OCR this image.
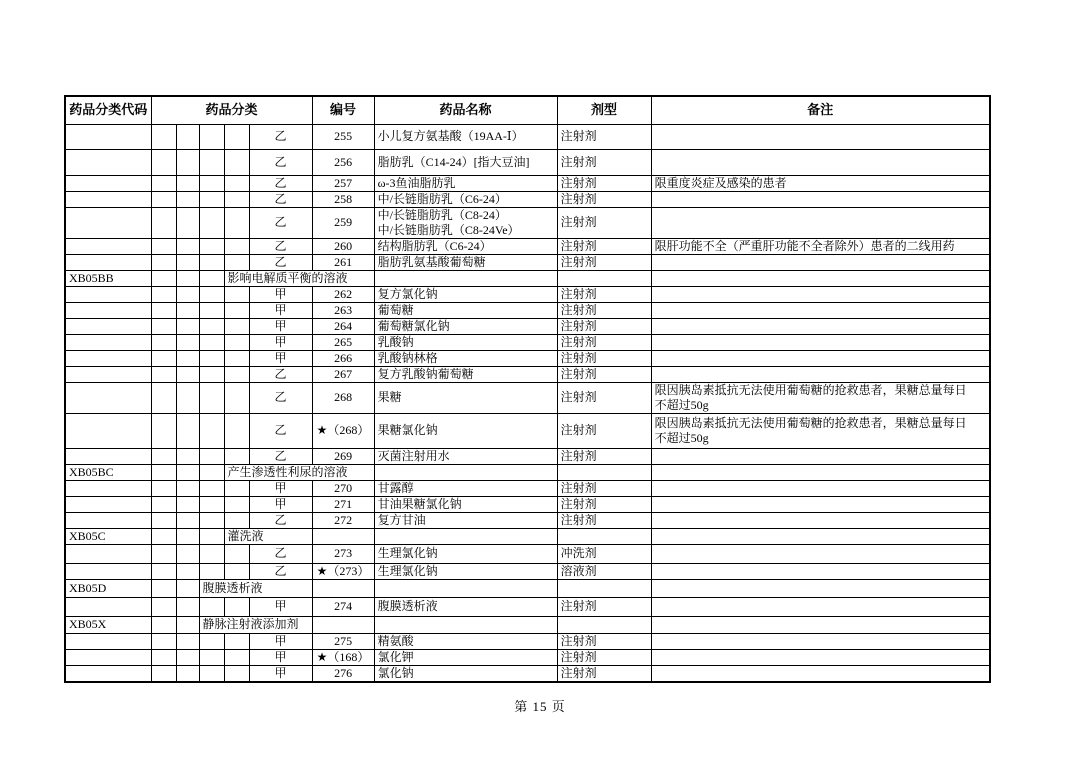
药品分类代码	药品分类					编号	药品名称	剂型	备注
					乙	255	小儿复方氨基酸（19AA-Ⅰ）	注射剂	
					乙	256	脂肪乳（C14-24）[指大豆油]	注射剂	
					乙	257	ω-3鱼油脂肪乳	注射剂	限重度炎症及感染的患者
					乙	258	中/长链脂肪乳（C6-24）	注射剂	
					乙	259	中/长链脂肪乳（C8-24）
中/长链脂肪乳（C8-24Ve）	注射剂	
					乙	260	结构脂肪乳（C6-24）	注射剂	限肝功能不全（严重肝功能不全者除外）患者的二线用药
					乙	261	脂肪乳氨基酸葡萄糖	注射剂	
XB05BB				影响电解质平衡的溶液					
					甲	262	复方氯化钠	注射剂	
					甲	263	葡萄糖	注射剂	
					甲	264	葡萄糖氯化钠	注射剂	
					甲	265	乳酸钠	注射剂	
					甲	266	乳酸钠林格	注射剂	
					乙	267	复方乳酸钠葡萄糖	注射剂	
					乙	268	果糖	注射剂	限因胰岛素抵抗无法使用葡萄糖的抢救患者，果糖总量每日
不超过50g
					乙	★（268）	果糖氯化钠	注射剂	限因胰岛素抵抗无法使用葡萄糖的抢救患者，果糖总量每日
不超过50g
					乙	269	灭菌注射用水	注射剂	
XB05BC				产生渗透性利尿的溶液					
					甲	270	甘露醇	注射剂	
					甲	271	甘油果糖氯化钠	注射剂	
					乙	272	复方甘油	注射剂	
XB05C				灌洗液					
					乙	273	生理氯化钠	冲洗剂	
					乙	★（273）	生理氯化钠	溶液剂	
XB05D			腹膜透析液						
					甲	274	腹膜透析液	注射剂	
XB05X			静脉注射液添加剂						
					甲	275	精氨酸	注射剂	
					甲	★（168）	氯化钾	注射剂	
					甲	276	氯化钠	注射剂	
第 15 页
